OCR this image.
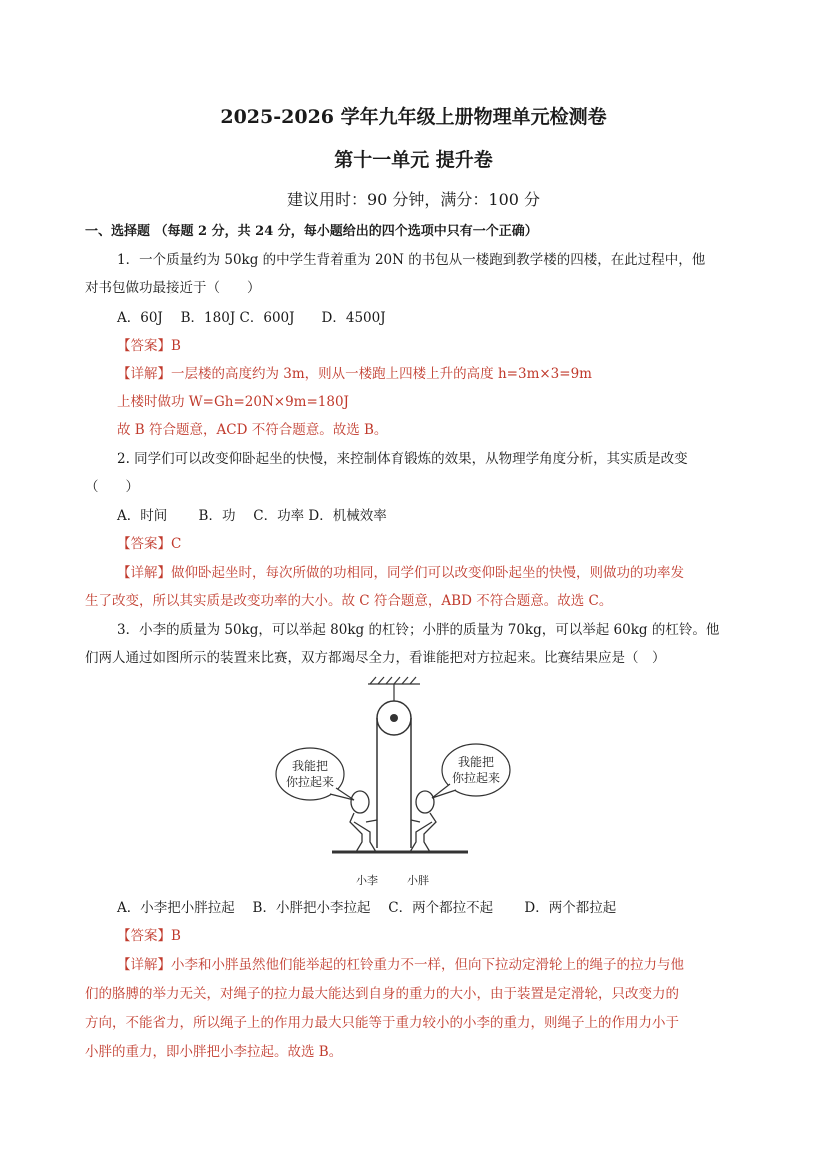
2025-2026 学年九年级上册物理单元检测卷
第十一单元 提升卷
建议用时：90 分钟，满分：100 分
一、选择题 （每题 2 分，共 24 分，每小题给出的四个选项中只有一个正确）
1．一个质量约为 50kg 的中学生背着重为 20N 的书包从一楼跑到教学楼的四楼，在此过程中，他
对书包做功最接近于（　　）
A．60J　 B．180J C．600J　　D．4500J
【答案】B
【详解】一层楼的高度约为 3m，则从一楼跑上四楼上升的高度 h=3m×3=9m
上楼时做功 W=Gh=20N×9m=180J
故 B 符合题意，ACD 不符合题意。故选 B。
2. 同学们可以改变仰卧起坐的快慢，来控制体育锻炼的效果，从物理学角度分析，其实质是改变
（　　）
A．时间　　 B．功　 C．功率 D．机械效率
【答案】C
【详解】做仰卧起坐时，每次所做的功相同，同学们可以改变仰卧起坐的快慢，则做功的功率发
生了改变，所以其实质是改变功率的大小。故 C 符合题意，ABD 不符合题意。故选 C。
3．小李的质量为 50kg，可以举起 80kg 的杠铃；小胖的质量为 70kg，可以举起 60kg 的杠铃。他
们两人通过如图所示的装置来比赛，双方都竭尽全力，看谁能把对方拉起来。比赛结果应是（　）
我能把
你拉起来
我能把
你拉起来
小李	小胖
A．小李把小胖拉起　 B．小胖把小李拉起　 C．两个都拉不起　　 D．两个都拉起
【答案】B
【详解】小李和小胖虽然他们能举起的杠铃重力不一样，但向下拉动定滑轮上的绳子的拉力与他
们的胳膊的举力无关，对绳子的拉力最大能达到自身的重力的大小，由于装置是定滑轮，只改变力的
方向，不能省力，所以绳子上的作用力最大只能等于重力较小的小李的重力，则绳子上的作用力小于
小胖的重力，即小胖把小李拉起。故选 B。
